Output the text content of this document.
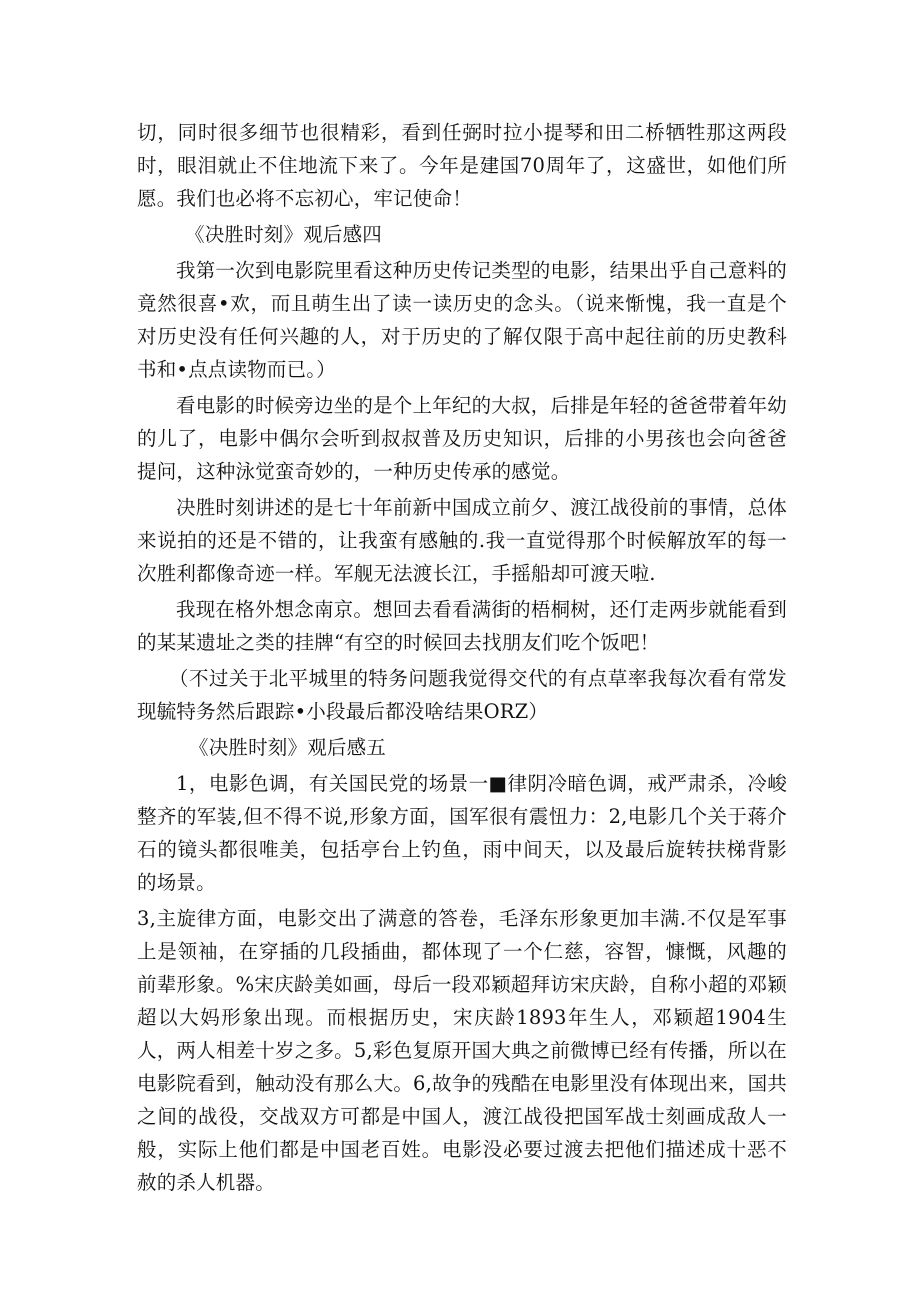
切，同时很多细节也很精彩，看到任弼时拉小提琴和田二桥牺牲那这两段时，眼泪就止不住地流下来了。今年是建国70周年了，这盛世，如他们所愿。我们也必将不忘初心，牢记使命！

《决胜时刻》观后感四

我第一次到电影院里看这种历史传记类型的电影，结果出乎自己意料的竟然很喜•欢，而且萌生出了读一读历史的念头。（说来惭愧，我一直是个对历史没有任何兴趣的人，对于历史的了解仅限于高中起往前的历史教科书和•点点读物而已。）

看电影的时候旁边坐的是个上年纪的大叔，后排是年轻的爸爸带着年幼的儿了，电影中偶尔会听到叔叔普及历史知识，后排的小男孩也会向爸爸提问，这种泳觉蛮奇妙的，一种历史传承的感觉。

决胜时刻讲述的是七十年前新中国成立前夕、渡江战役前的事情，总体来说拍的还是不错的，让我蛮有感触的.我一直觉得那个时候解放军的每一次胜利都像奇迹一样。军舰无法渡长江，手摇船却可渡天啦.

我现在格外想念南京。想回去看看满街的梧桐树，还仃走两步就能看到的某某遗址之类的挂牌“有空的时候回去找朋友们吃个饭吧！

（不过关于北平城里的特务问题我觉得交代的有点草率我每次看有常发现毓特务然后跟踪•小段最后都没啥结果ORZ）

《决胜时刻》观后感五

1，电影色调，有关国民党的场景一■律阴冷暗色调，戒严肃杀，冷峻整齐的军装,但不得不说,形象方面，国军很有震忸力：2,电影几个关于蒋介石的镜头都很唯美，包括亭台上钓鱼，雨中间天，以及最后旋转扶梯背影的场景。

3,主旋律方面，电影交出了满意的答卷，毛泽东形象更加丰满.不仅是军事上是领袖，在穿插的几段插曲，都体现了一个仁慈，容智，慷慨，风趣的前辈形象。%宋庆龄美如画，母后一段邓颖超拜访宋庆龄，自称小超的邓颖超以大妈形象出现。而根据历史，宋庆龄1893年生人，邓颖超1904生人，两人相差十岁之多。5,彩色复原开国大典之前微博已经有传播，所以在电影院看到，触动没有那么大。6,故争的残酷在电影里没有体现出来，国共之间的战役，交战双方可都是中国人，渡江战役把国军战士刻画成敌人一般，实际上他们都是中国老百姓。电影没必要过渡去把他们描述成十恶不赦的杀人机器。
